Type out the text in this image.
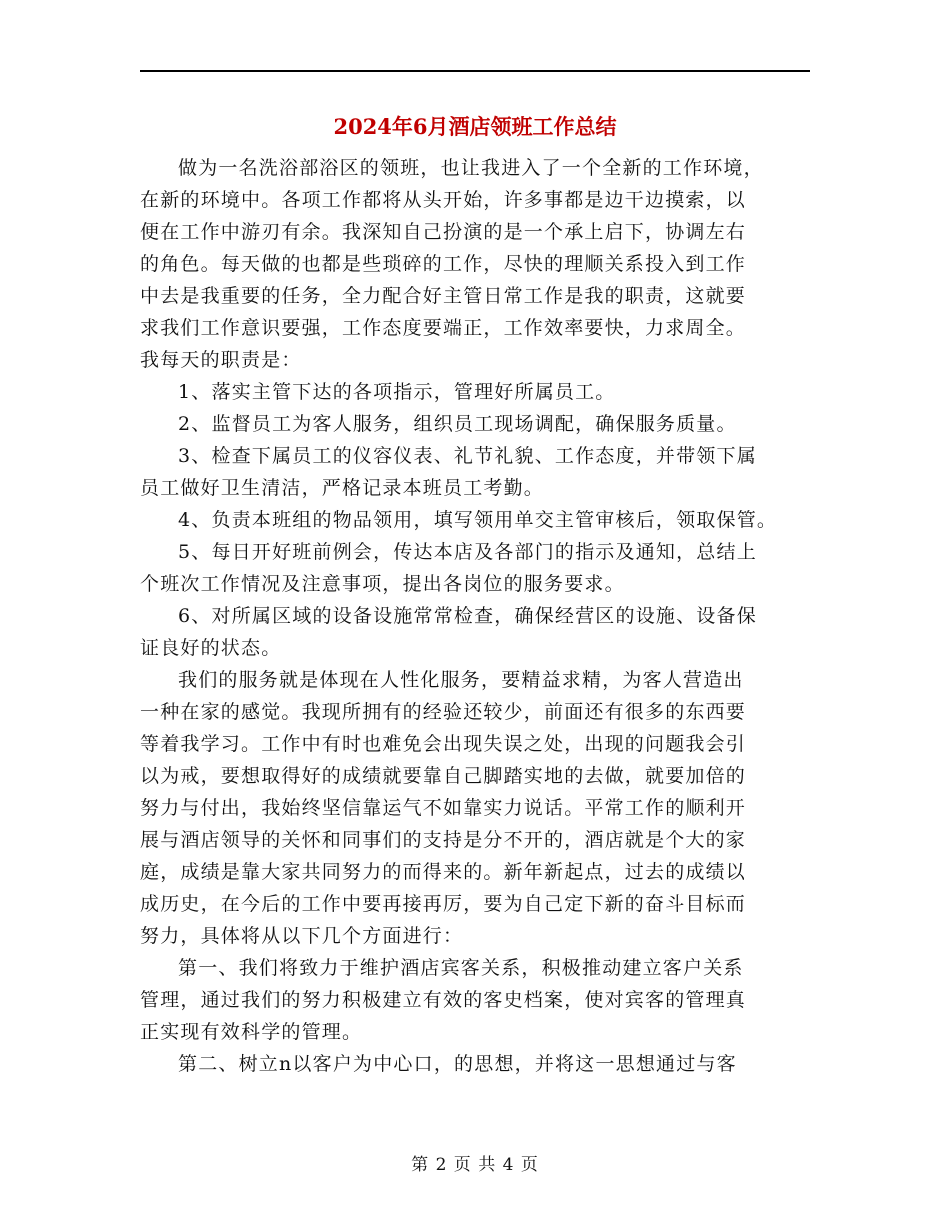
2024年6月酒店领班工作总结

做为一名洗浴部浴区的领班，也让我进入了一个全新的工作环境，
在新的环境中。各项工作都将从头开始，许多事都是边干边摸索，以
便在工作中游刃有余。我深知自己扮演的是一个承上启下，协调左右
的角色。每天做的也都是些琐碎的工作，尽快的理顺关系投入到工作
中去是我重要的任务，全力配合好主管日常工作是我的职责，这就要
求我们工作意识要强，工作态度要端正，工作效率要快，力求周全。
我每天的职责是：

1、落实主管下达的各项指示，管理好所属员工。

2、监督员工为客人服务，组织员工现场调配，确保服务质量。

3、检查下属员工的仪容仪表、礼节礼貌、工作态度，并带领下属
员工做好卫生清洁，严格记录本班员工考勤。

4、负责本班组的物品领用，填写领用单交主管审核后，领取保管。

5、每日开好班前例会，传达本店及各部门的指示及通知，总结上
个班次工作情况及注意事项，提出各岗位的服务要求。

6、对所属区域的设备设施常常检查，确保经营区的设施、设备保
证良好的状态。

我们的服务就是体现在人性化服务，要精益求精，为客人营造出
一种在家的感觉。我现所拥有的经验还较少，前面还有很多的东西要
等着我学习。工作中有时也难免会出现失误之处，出现的问题我会引
以为戒，要想取得好的成绩就要靠自己脚踏实地的去做，就要加倍的
努力与付出，我始终坚信靠运气不如靠实力说话。平常工作的顺利开
展与酒店领导的关怀和同事们的支持是分不开的，酒店就是个大的家
庭，成绩是靠大家共同努力的而得来的。新年新起点，过去的成绩以
成历史，在今后的工作中要再接再厉，要为自己定下新的奋斗目标而
努力，具体将从以下几个方面进行：

第一、我们将致力于维护酒店宾客关系，积极推动建立客户关系
管理，通过我们的努力积极建立有效的客史档案，使对宾客的管理真
正实现有效科学的管理。

第二、树立n以客户为中心口，的思想，并将这一思想通过与客

第 2 页 共 4 页
